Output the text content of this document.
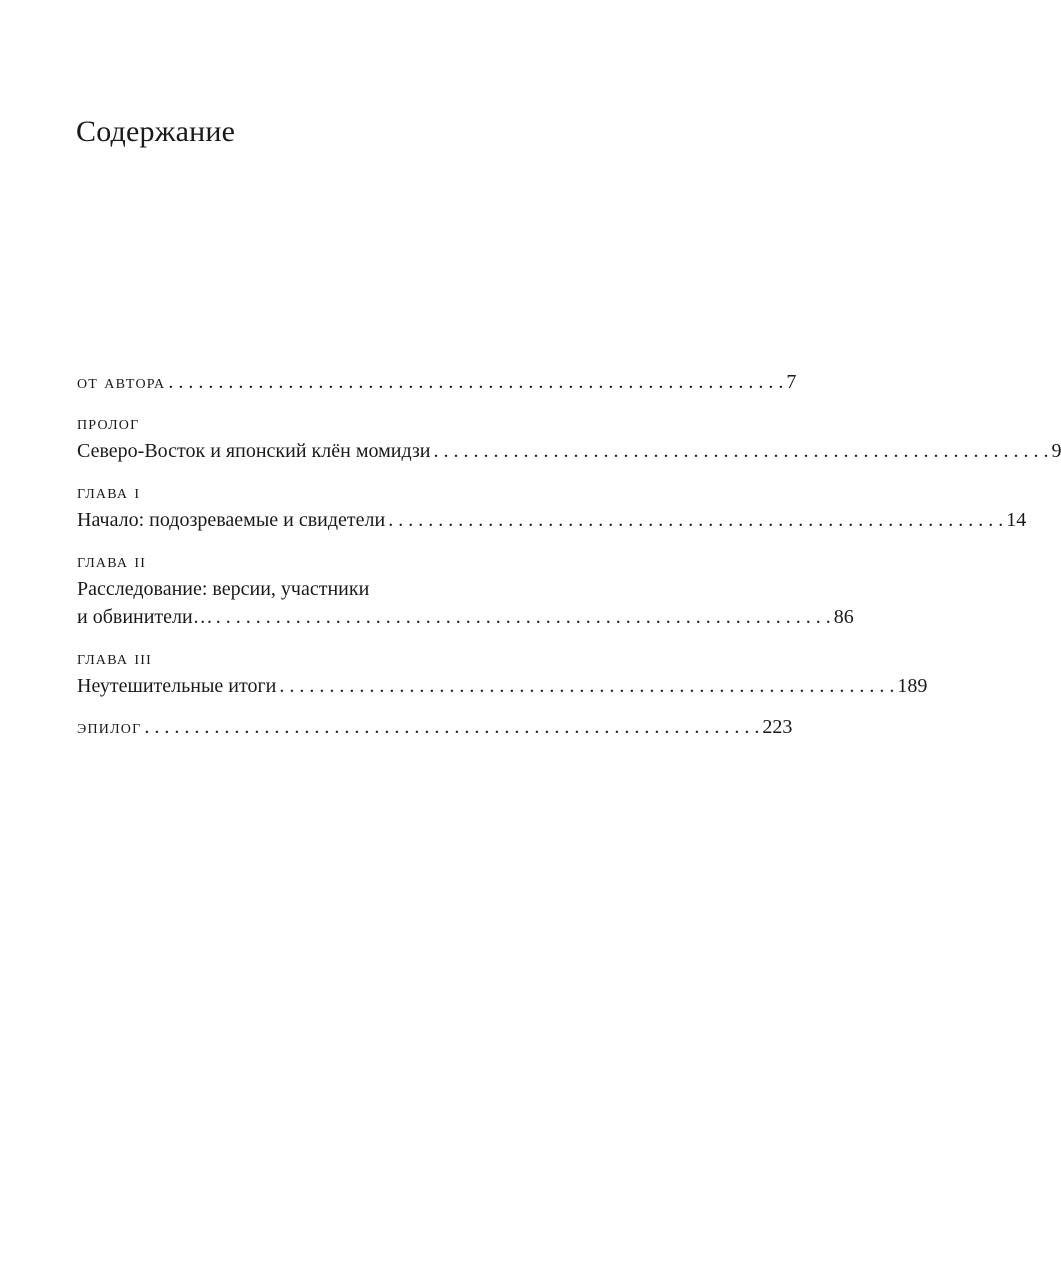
Содержание
от автора . . . . . . . . . . . . . . . . . . . . . . . . . . . . . . . . . . . . . . . . . . . . . . . . . . . . . . . . . . . . . . 7
пролог
Северо-Восток и японский клён момидзи . . . . . . . . . . . . . . . . . . . . . . . . . . . . . . . . . . . . . . . . . . . . . . . . . . . . . . . . . . . . . . 9
глава i
Начало: подозреваемые и свидетели . . . . . . . . . . . . . . . . . . . . . . . . . . . . . . . . . . . . . . . . . . . . . . . . . . . . . . . . . . . . . . 14
глава ii
Расследование: версии, участники
и обвинители… . . . . . . . . . . . . . . . . . . . . . . . . . . . . . . . . . . . . . . . . . . . . . . . . . . . . . . . . . . . . . . 86
глава iii
Неутешительные итоги . . . . . . . . . . . . . . . . . . . . . . . . . . . . . . . . . . . . . . . . . . . . . . . . . . . . . . . . . . . . . . 189
эпилог . . . . . . . . . . . . . . . . . . . . . . . . . . . . . . . . . . . . . . . . . . . . . . . . . . . . . . . . . . . . . . 223
